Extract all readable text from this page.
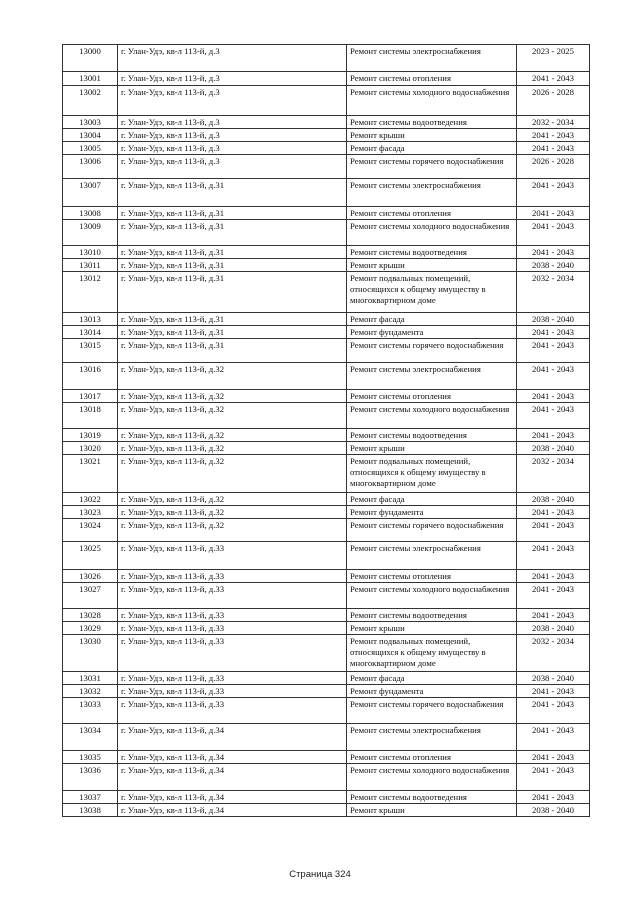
13000	г. Улан-Удэ, кв-л 113-й, д.3	Ремонт системы электроснабжения	2023 - 2025
13001	г. Улан-Удэ, кв-л 113-й, д.3	Ремонт системы отопления	2041 - 2043
13002	г. Улан-Удэ, кв-л 113-й, д.3	Ремонт системы холодного водоснабжения	2026 - 2028
13003	г. Улан-Удэ, кв-л 113-й, д.3	Ремонт системы водоотведения	2032 - 2034
13004	г. Улан-Удэ, кв-л 113-й, д.3	Ремонт крыши	2041 - 2043
13005	г. Улан-Удэ, кв-л 113-й, д.3	Ремонт фасада	2041 - 2043
13006	г. Улан-Удэ, кв-л 113-й, д.3	Ремонт системы горячего водоснабжения	2026 - 2028
13007	г. Улан-Удэ, кв-л 113-й, д.31	Ремонт системы электроснабжения	2041 - 2043
13008	г. Улан-Удэ, кв-л 113-й, д.31	Ремонт системы отопления	2041 - 2043
13009	г. Улан-Удэ, кв-л 113-й, д.31	Ремонт системы холодного водоснабжения	2041 - 2043
13010	г. Улан-Удэ, кв-л 113-й, д.31	Ремонт системы водоотведения	2041 - 2043
13011	г. Улан-Удэ, кв-л 113-й, д.31	Ремонт крыши	2038 - 2040
13012	г. Улан-Удэ, кв-л 113-й, д.31	Ремонт подвальных помещений, относящихся к общему имуществу в многоквартирном доме	2032 - 2034
13013	г. Улан-Удэ, кв-л 113-й, д.31	Ремонт фасада	2038 - 2040
13014	г. Улан-Удэ, кв-л 113-й, д.31	Ремонт фундамента	2041 - 2043
13015	г. Улан-Удэ, кв-л 113-й, д.31	Ремонт системы горячего водоснабжения	2041 - 2043
13016	г. Улан-Удэ, кв-л 113-й, д.32	Ремонт системы электроснабжения	2041 - 2043
13017	г. Улан-Удэ, кв-л 113-й, д.32	Ремонт системы отопления	2041 - 2043
13018	г. Улан-Удэ, кв-л 113-й, д.32	Ремонт системы холодного водоснабжения	2041 - 2043
13019	г. Улан-Удэ, кв-л 113-й, д.32	Ремонт системы водоотведения	2041 - 2043
13020	г. Улан-Удэ, кв-л 113-й, д.32	Ремонт крыши	2038 - 2040
13021	г. Улан-Удэ, кв-л 113-й, д.32	Ремонт подвальных помещений, относящихся к общему имуществу в многоквартирном доме	2032 - 2034
13022	г. Улан-Удэ, кв-л 113-й, д.32	Ремонт фасада	2038 - 2040
13023	г. Улан-Удэ, кв-л 113-й, д.32	Ремонт фундамента	2041 - 2043
13024	г. Улан-Удэ, кв-л 113-й, д.32	Ремонт системы горячего водоснабжения	2041 - 2043
13025	г. Улан-Удэ, кв-л 113-й, д.33	Ремонт системы электроснабжения	2041 - 2043
13026	г. Улан-Удэ, кв-л 113-й, д.33	Ремонт системы отопления	2041 - 2043
13027	г. Улан-Удэ, кв-л 113-й, д.33	Ремонт системы холодного водоснабжения	2041 - 2043
13028	г. Улан-Удэ, кв-л 113-й, д.33	Ремонт системы водоотведения	2041 - 2043
13029	г. Улан-Удэ, кв-л 113-й, д.33	Ремонт крыши	2038 - 2040
13030	г. Улан-Удэ, кв-л 113-й, д.33	Ремонт подвальных помещений, относящихся к общему имуществу в многоквартирном доме	2032 - 2034
13031	г. Улан-Удэ, кв-л 113-й, д.33	Ремонт фасада	2038 - 2040
13032	г. Улан-Удэ, кв-л 113-й, д.33	Ремонт фундамента	2041 - 2043
13033	г. Улан-Удэ, кв-л 113-й, д.33	Ремонт системы горячего водоснабжения	2041 - 2043
13034	г. Улан-Удэ, кв-л 113-й, д.34	Ремонт системы электроснабжения	2041 - 2043
13035	г. Улан-Удэ, кв-л 113-й, д.34	Ремонт системы отопления	2041 - 2043
13036	г. Улан-Удэ, кв-л 113-й, д.34	Ремонт системы холодного водоснабжения	2041 - 2043
13037	г. Улан-Удэ, кв-л 113-й, д.34	Ремонт системы водоотведения	2041 - 2043
13038	г. Улан-Удэ, кв-л 113-й, д.34	Ремонт крыши	2038 - 2040
Страница 324
